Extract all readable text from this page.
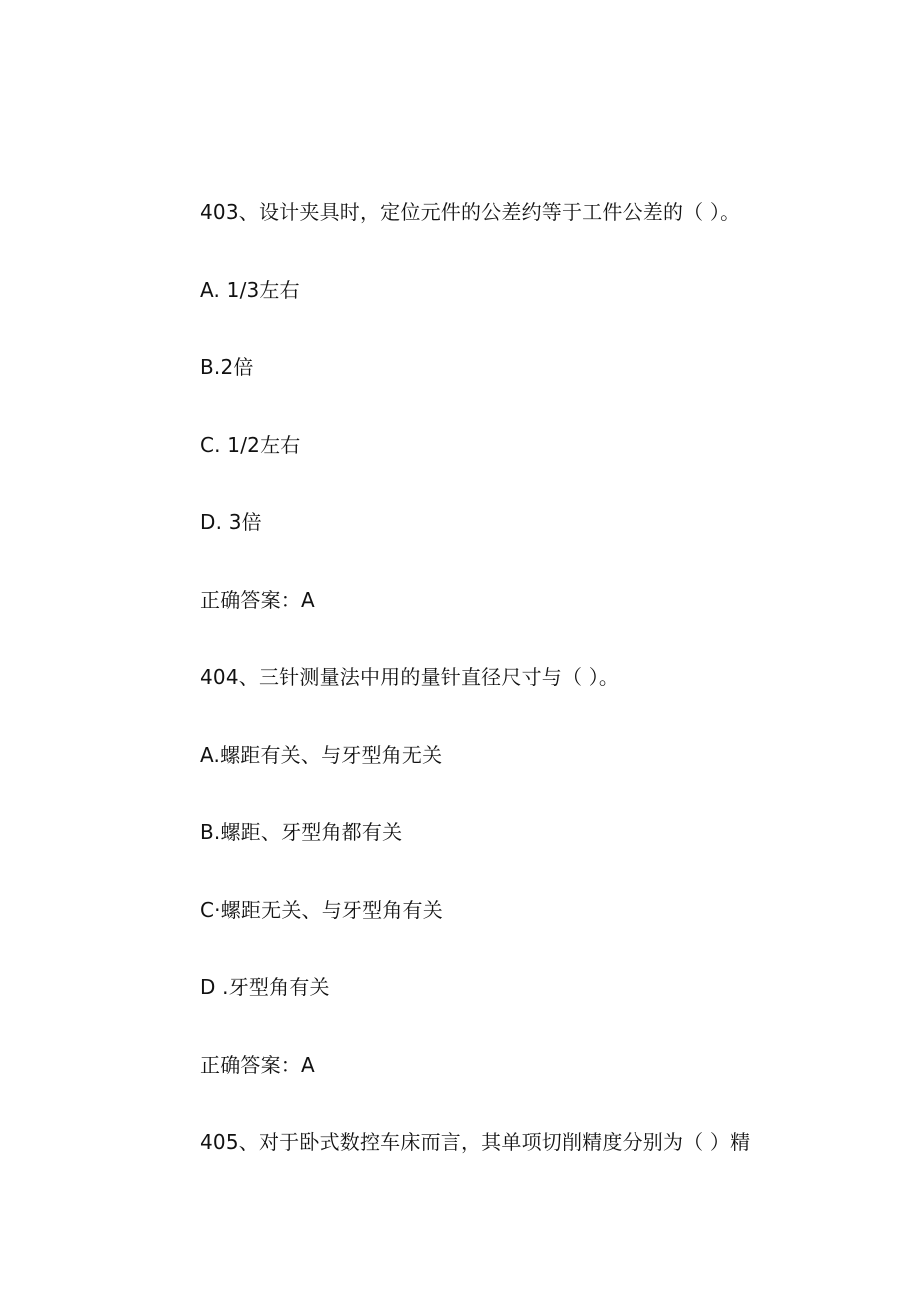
403、设计夹具时，定位元件的公差约等于工件公差的（ ）。
A. 1/3左右
B.2倍
C. 1/2左右
D. 3倍
正确答案：A
404、三针测量法中用的量针直径尺寸与（ ）。
A.螺距有关、与牙型角无关
B.螺距、牙型角都有关
C·螺距无关、与牙型角有关
D .牙型角有关
正确答案：A
405、对于卧式数控车床而言，其单项切削精度分别为（ ）精
